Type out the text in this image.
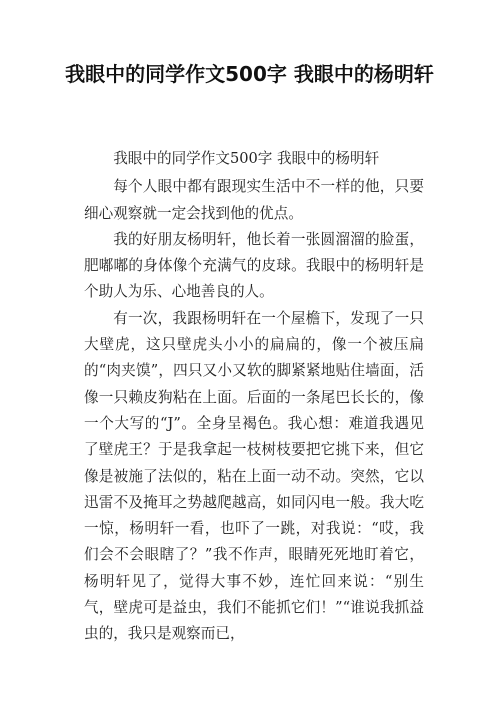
我眼中的同学作文500字 我眼中的杨明轩

我眼中的同学作文500字 我眼中的杨明轩

每个人眼中都有跟现实生活中不一样的他，只要细心观察就一定会找到他的优点。

我的好朋友杨明轩，他长着一张圆溜溜的脸蛋，肥嘟嘟的身体像个充满气的皮球。我眼中的杨明轩是个助人为乐、心地善良的人。

有一次，我跟杨明轩在一个屋檐下，发现了一只大壁虎，这只壁虎头小小的扁扁的，像一个被压扁的“肉夹馍”，四只又小又软的脚紧紧地贴住墙面，活像一只赖皮狗粘在上面。后面的一条尾巴长长的，像一个大写的“J”。全身呈褐色。我心想：难道我遇见了壁虎王？于是我拿起一枝树枝要把它挑下来，但它像是被施了法似的，粘在上面一动不动。突然，它以迅雷不及掩耳之势越爬越高，如同闪电一般。我大吃一惊，杨明轩一看，也吓了一跳，对我说：“哎，我们会不会眼瞎了？”我不作声，眼睛死死地盯着它，杨明轩见了，觉得大事不妙，连忙回来说：“别生气，壁虎可是益虫，我们不能抓它们！”“谁说我抓益虫的，我只是观察而已，
